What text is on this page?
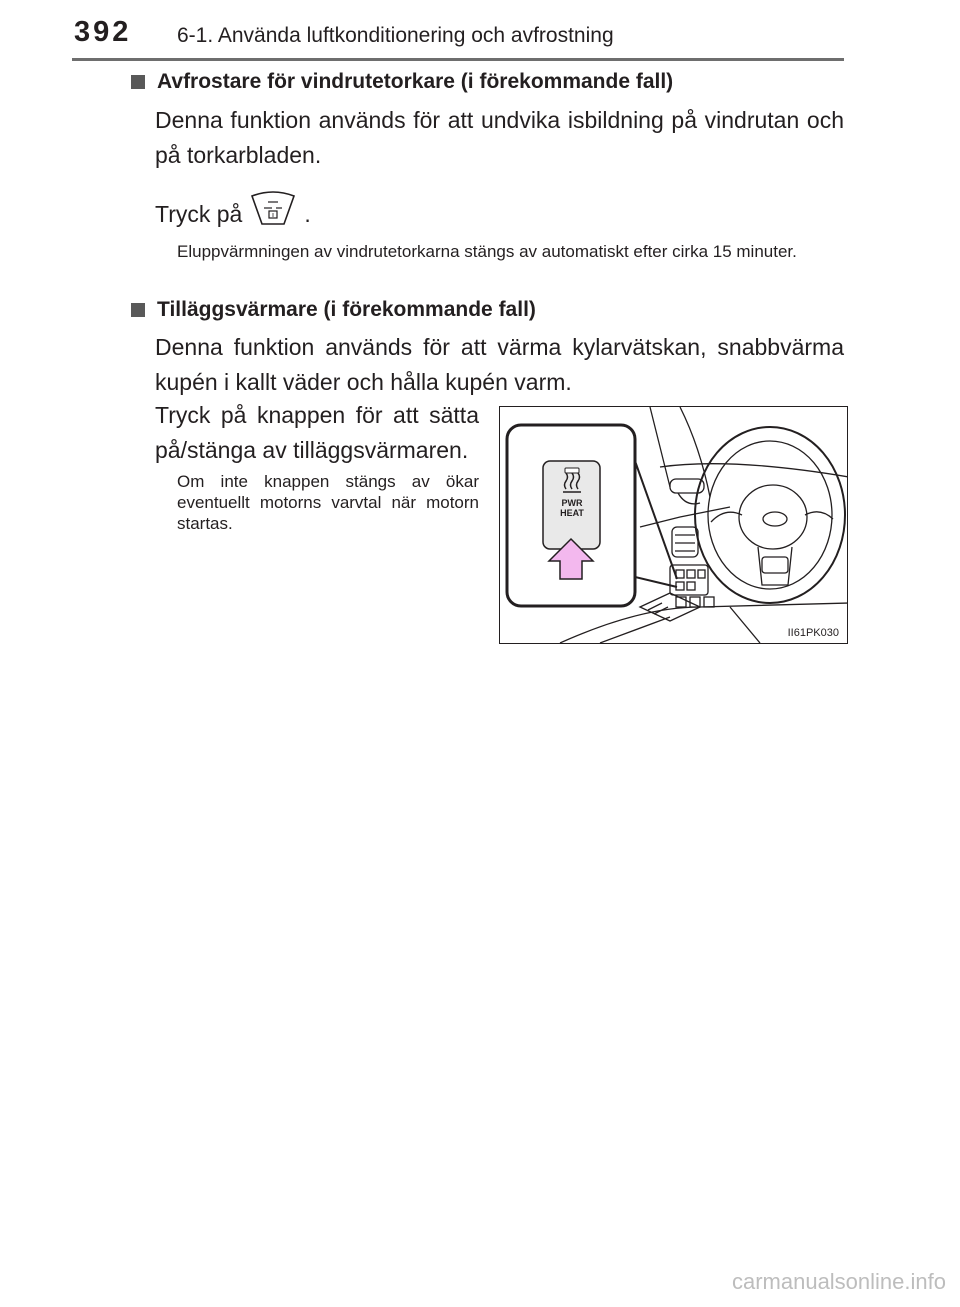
392 6-1. Använda luftkonditionering och avfrostning
Avfrostare för vindrutetorkare (i förekommande fall)
Denna funktion används för att undvika isbildning på vindrutan och på torkarbladen.
Tryck på	.
Eluppvärmningen av vindrutetorkarna stängs av automatiskt efter cirka 15 minuter.
Tilläggsvärmare (i förekommande fall)
Denna funktion används för att värma kylarvätskan, snabbvärma kupén i kallt väder och hålla kupén varm.
Tryck på knappen för att sätta på/stänga av tilläggsvärmaren.
Om inte knappen stängs av ökar eventuellt motorns varvtal när motorn startas.
PWR
HEAT
II61PK030
carmanualsonline.info
